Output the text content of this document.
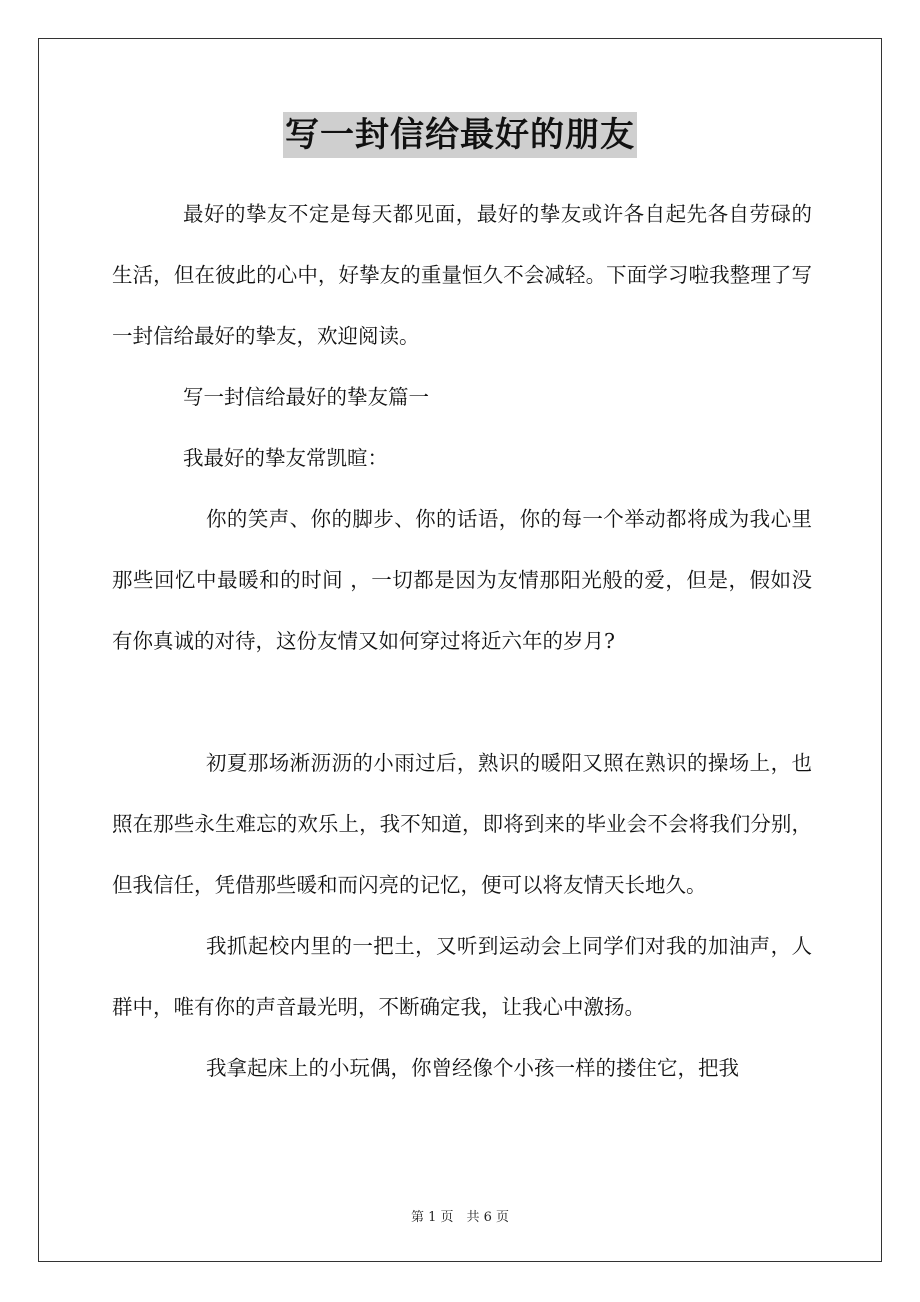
写一封信给最好的朋友

最好的挚友不定是每天都见面，最好的挚友或许各自起先各自劳碌的生活，但在彼此的心中，好挚友的重量恒久不会减轻。下面学习啦我整理了写一封信给最好的挚友，欢迎阅读。

写一封信给最好的挚友篇一

我最好的挚友常凯暄：

你的笑声、你的脚步、你的话语，你的每一个举动都将成为我心里那些回忆中最暖和的时间 ，一切都是因为友情那阳光般的爱，但是，假如没有你真诚的对待，这份友情又如何穿过将近六年的岁月?

初夏那场淅沥沥的小雨过后，熟识的暖阳又照在熟识的操场上，也照在那些永生难忘的欢乐上，我不知道，即将到来的毕业会不会将我们分别，但我信任，凭借那些暖和而闪亮的记忆，便可以将友情天长地久。

我抓起校内里的一把土，又听到运动会上同学们对我的加油声，人群中，唯有你的声音最光明，不断确定我，让我心中激扬。

我拿起床上的小玩偶，你曾经像个小孩一样的搂住它，把我

第 1 页　共 6 页
